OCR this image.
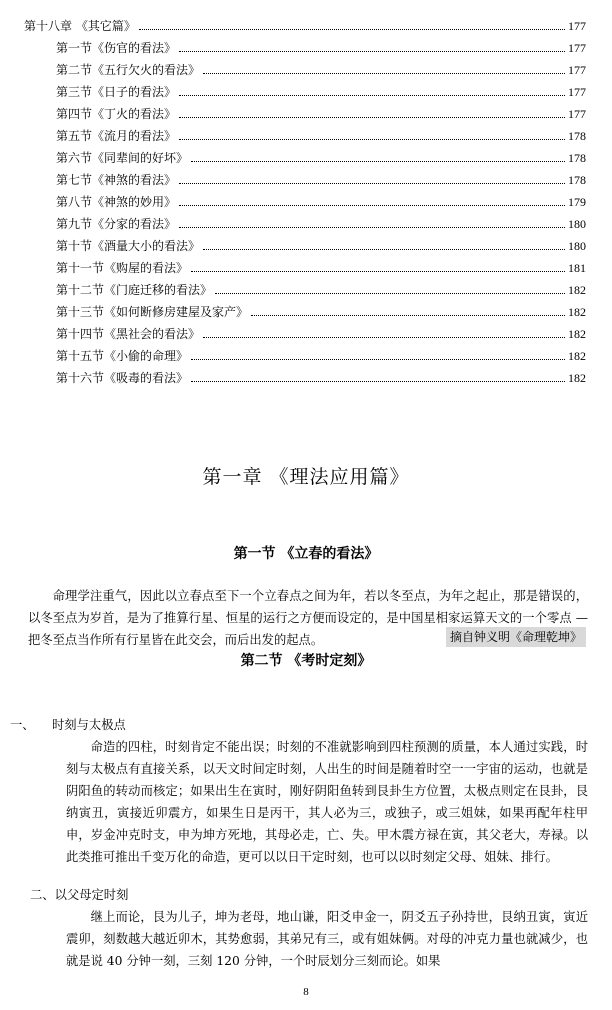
第十八章 《其它篇》	177
第一节《伤官的看法》	177
第二节《五行欠火的看法》	177
第三节《日子的看法》	177
第四节《丁火的看法》	177
第五节《流月的看法》	178
第六节《同辈间的好坏》	178
第七节《神煞的看法》	178
第八节《神煞的妙用》	179
第九节《分家的看法》	180
第十节《酒量大小的看法》	180
第十一节《购屋的看法》	181
第十二节《门庭迁移的看法》	182
第十三节《如何断修房建屋及家产》	182
第十四节《黑社会的看法》	182
第十五节《小偷的命理》	182
第十六节《吸毒的看法》	182
第一章 《理法应用篇》
第一节 《立春的看法》
命理学注重气，因此以立春点至下一个立春点之间为年，若以冬至点，为年之起止，那是错误的，以冬至点为岁首，是为了推算行星、恒星的运行之方便而设定的，是中国星相家运算天文的一个零点 —把冬至点当作所有行星皆在此交会，而后出发的起点。	摘自钟义明《命理乾坤》
第二节 《考时定刻》
一、 时刻与太极点
命造的四柱，时刻肯定不能出误；时刻的不准就影响到四柱预测的质量，本人通过实践，时刻与太极点有直接关系，以天文时间定时刻，人出生的时间是随着时空一一宇宙的运动，也就是阴阳鱼的转动而核定；如果出生在寅时，刚好阴阳鱼转到艮卦生方位置，太极点则定在艮卦，艮纳寅丑，寅接近卯震方，如果生日是丙干，其人必为三，或独子，或三姐妹，如果再配年柱甲申，岁金冲克时支，申为坤方死地，其母必走，亡、失。甲木震方禄在寅，其父老大，寿禄。以此类推可推出千变万化的命造，更可以以日干定时刻，也可以以时刻定父母、姐妹、排行。
二、以父母定时刻
继上而论，艮为儿子，坤为老母，地山谦，阳爻申金一，阴爻五子孙持世，艮纳丑寅，寅近震卯，刻数越大越近卯木，其势愈弱，其弟兄有三，或有姐妹俩。对母的冲克力量也就减少，也就是说 40 分钟一刻，三刻 120 分钟，一个时辰划分三刻而论。如果
8
